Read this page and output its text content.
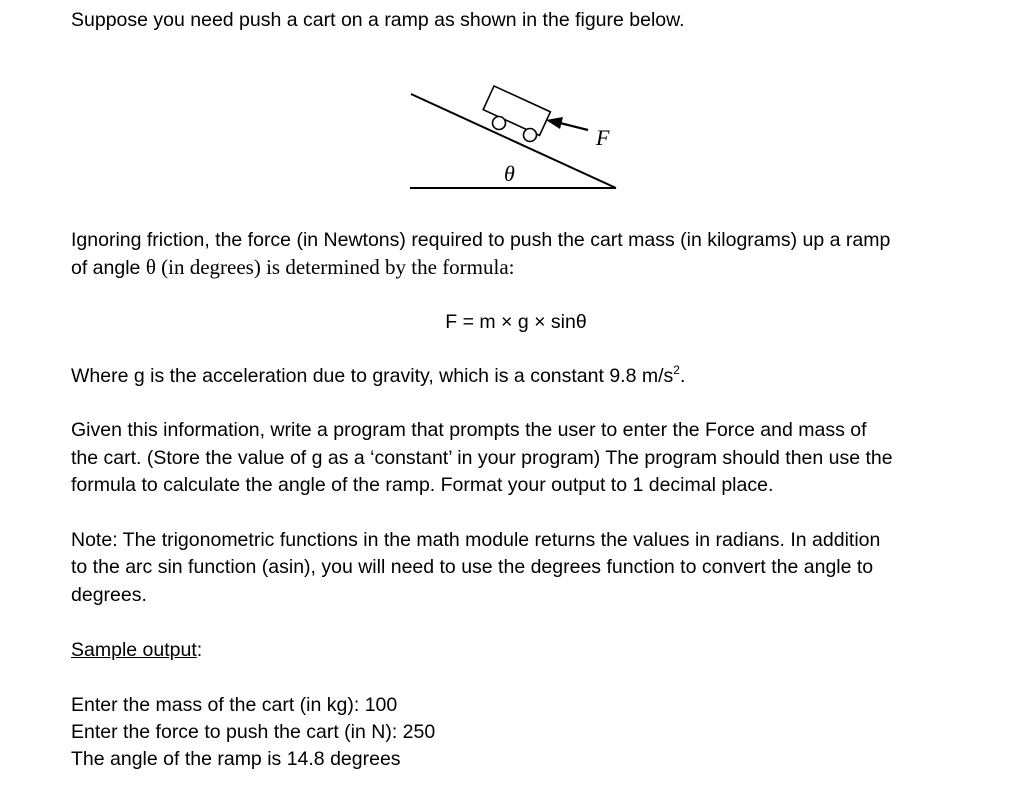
Suppose you need push a cart on a ramp as shown in the figure below.
F
θ
Ignoring friction, the force (in Newtons) required to push the cart mass (in kilograms) up a ramp
of angle θ (in degrees) is determined by the formula:
F = m × g × sinθ
Where g is the acceleration due to gravity, which is a constant 9.8 $m/s^2$.
Given this information, write a program that prompts the user to enter the Force and mass of
the cart. (Store the value of g as a ‘constant’ in your program) The program should then use the
formula to calculate the angle of the ramp. Format your output to 1 decimal place.
Note: The trigonometric functions in the math module returns the values in radians. In addition
to the arc sin function (asin), you will need to use the degrees function to convert the angle to
degrees.
Sample output:
Enter the mass of the cart (in kg): 100
Enter the force to push the cart (in N): 250
The angle of the ramp is 14.8 degrees
